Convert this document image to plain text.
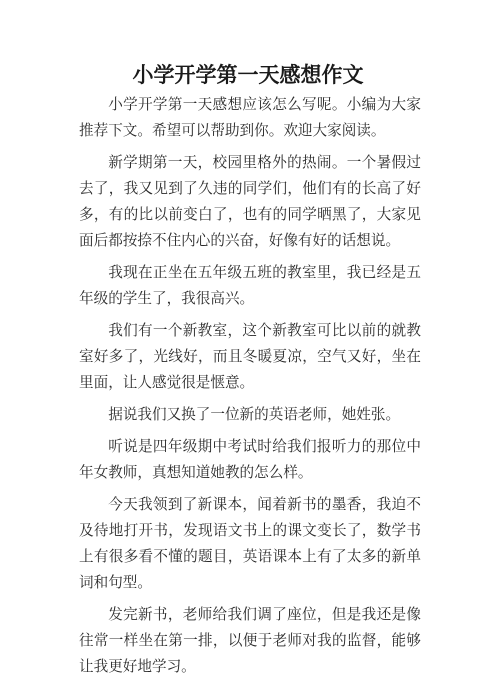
小学开学第一天感想作文

小学开学第一天感想应该怎么写呢。小编为大家推荐下文。希望可以帮助到你。欢迎大家阅读。

新学期第一天，校园里格外的热闹。一个暑假过去了，我又见到了久违的同学们，他们有的长高了好多，有的比以前变白了，也有的同学晒黑了，大家见面后都按捺不住内心的兴奋，好像有好的话想说。

我现在正坐在五年级五班的教室里，我已经是五年级的学生了，我很高兴。

我们有一个新教室，这个新教室可比以前的就教室好多了，光线好，而且冬暖夏凉，空气又好，坐在里面，让人感觉很是惬意。

据说我们又换了一位新的英语老师，她姓张。

听说是四年级期中考试时给我们报听力的那位中年女教师，真想知道她教的怎么样。

今天我领到了新课本，闻着新书的墨香，我迫不及待地打开书，发现语文书上的课文变长了，数学书上有很多看不懂的题目，英语课本上有了太多的新单词和句型。

发完新书，老师给我们调了座位，但是我还是像往常一样坐在第一排，以便于老师对我的监督，能够让我更好地学习。
